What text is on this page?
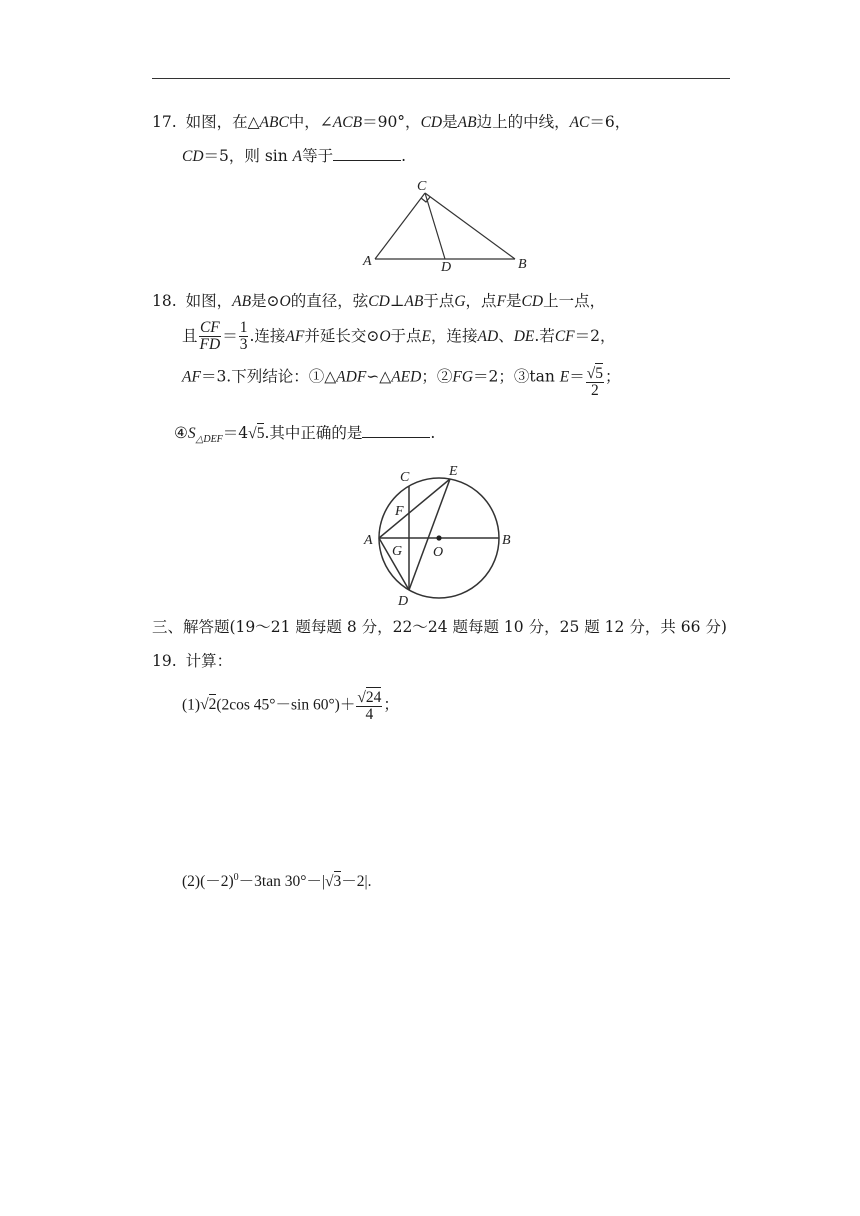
17. 如图，在△ABC中，∠ACB＝90°，CD是AB边上的中线，AC＝6，
CD＝5，则 sin A等于	.
C
A	D	B
18. 如图，AB是⊙O的直径，弦CD⊥AB于点G，点F是CD上一点，
且 $\frac{CF}{FD} = \frac{1}{3}$ .连接AF并延长交⊙O于点E，连接AD、DE.若CF＝2，
AF＝3.下列结论：①△ADF∽△AED；②FG＝2；③tan $E= \frac{√5}{2}$ ；
$④S_{\triangle DEF}=4√5$.其中正确的是	.
C	E
F
A
G O
B
D
三、解答题(19～21 题每题 8 分，22～24 题每题 10 分，25 题 12 分，共 66 分)
19. 计算：
(1)√2(2cos 45°－sin $60^\circ)+ \frac{√24}{4}$ ；
$(2)(-2)^0-3\tan$ 30°－|√3－2|.
